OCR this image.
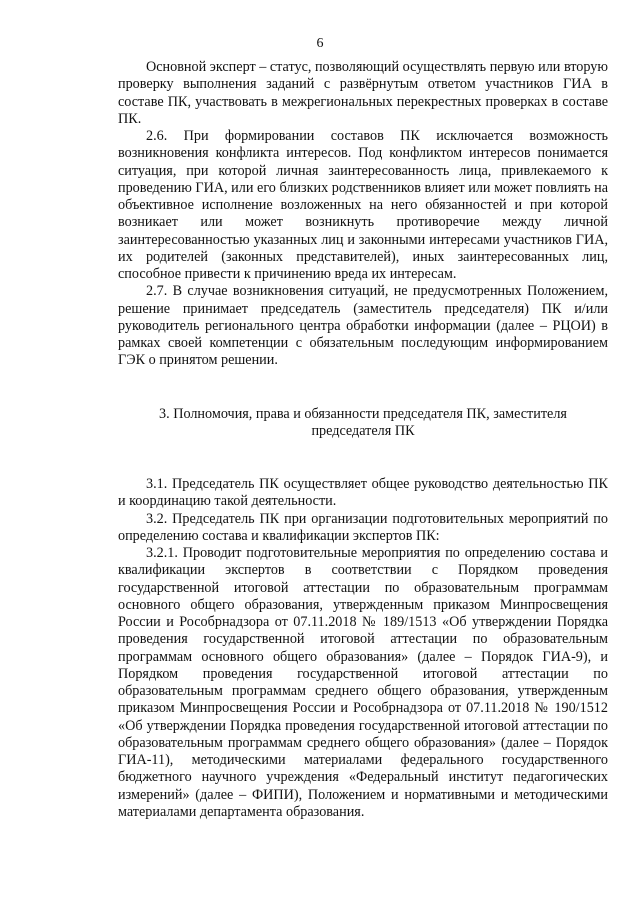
6

Основной эксперт – статус, позволяющий осуществлять первую или вторую проверку выполнения заданий с развёрнутым ответом участников ГИА в составе ПК, участвовать в межрегиональных перекрестных проверках в составе ПК.

2.6. При формировании составов ПК исключается возможность возникновения конфликта интересов. Под конфликтом интересов понимается ситуация, при которой личная заинтересованность лица, привлекаемого к проведению ГИА, или его близких родственников влияет или может повлиять на объективное исполнение возложенных на него обязанностей и при которой возникает или может возникнуть противоречие между личной заинтересованностью указанных лиц и законными интересами участников ГИА, их родителей (законных представителей), иных заинтересованных лиц, способное привести к причинению вреда их интересам.

2.7. В случае возникновения ситуаций, не предусмотренных Положением, решение принимает председатель (заместитель председателя) ПК и/или руководитель регионального центра обработки информации (далее – РЦОИ) в рамках своей компетенции с обязательным последующим информированием ГЭК о принятом решении.

3. Полномочия, права и обязанности председателя ПК, заместителя председателя ПК

3.1. Председатель ПК осуществляет общее руководство деятельностью ПК и координацию такой деятельности.

3.2. Председатель ПК при организации подготовительных мероприятий по определению состава и квалификации экспертов ПК:

3.2.1. Проводит подготовительные мероприятия по определению состава и квалификации экспертов в соответствии с Порядком проведения государственной итоговой аттестации по образовательным программам основного общего образования, утвержденным приказом Минпросвещения России и Рособрнадзора от 07.11.2018 № 189/1513 «Об утверждении Порядка проведения государственной итоговой аттестации по образовательным программам основного общего образования» (далее – Порядок ГИА-9), и Порядком проведения государственной итоговой аттестации по образовательным программам среднего общего образования, утвержденным приказом Минпросвещения России и Рособрнадзора от 07.11.2018 № 190/1512 «Об утверждении Порядка проведения государственной итоговой аттестации по образовательным программам среднего общего образования» (далее – Порядок ГИА-11), методическими материалами федерального государственного бюджетного научного учреждения «Федеральный институт педагогических измерений» (далее – ФИПИ), Положением и нормативными и методическими материалами департамента образования.
